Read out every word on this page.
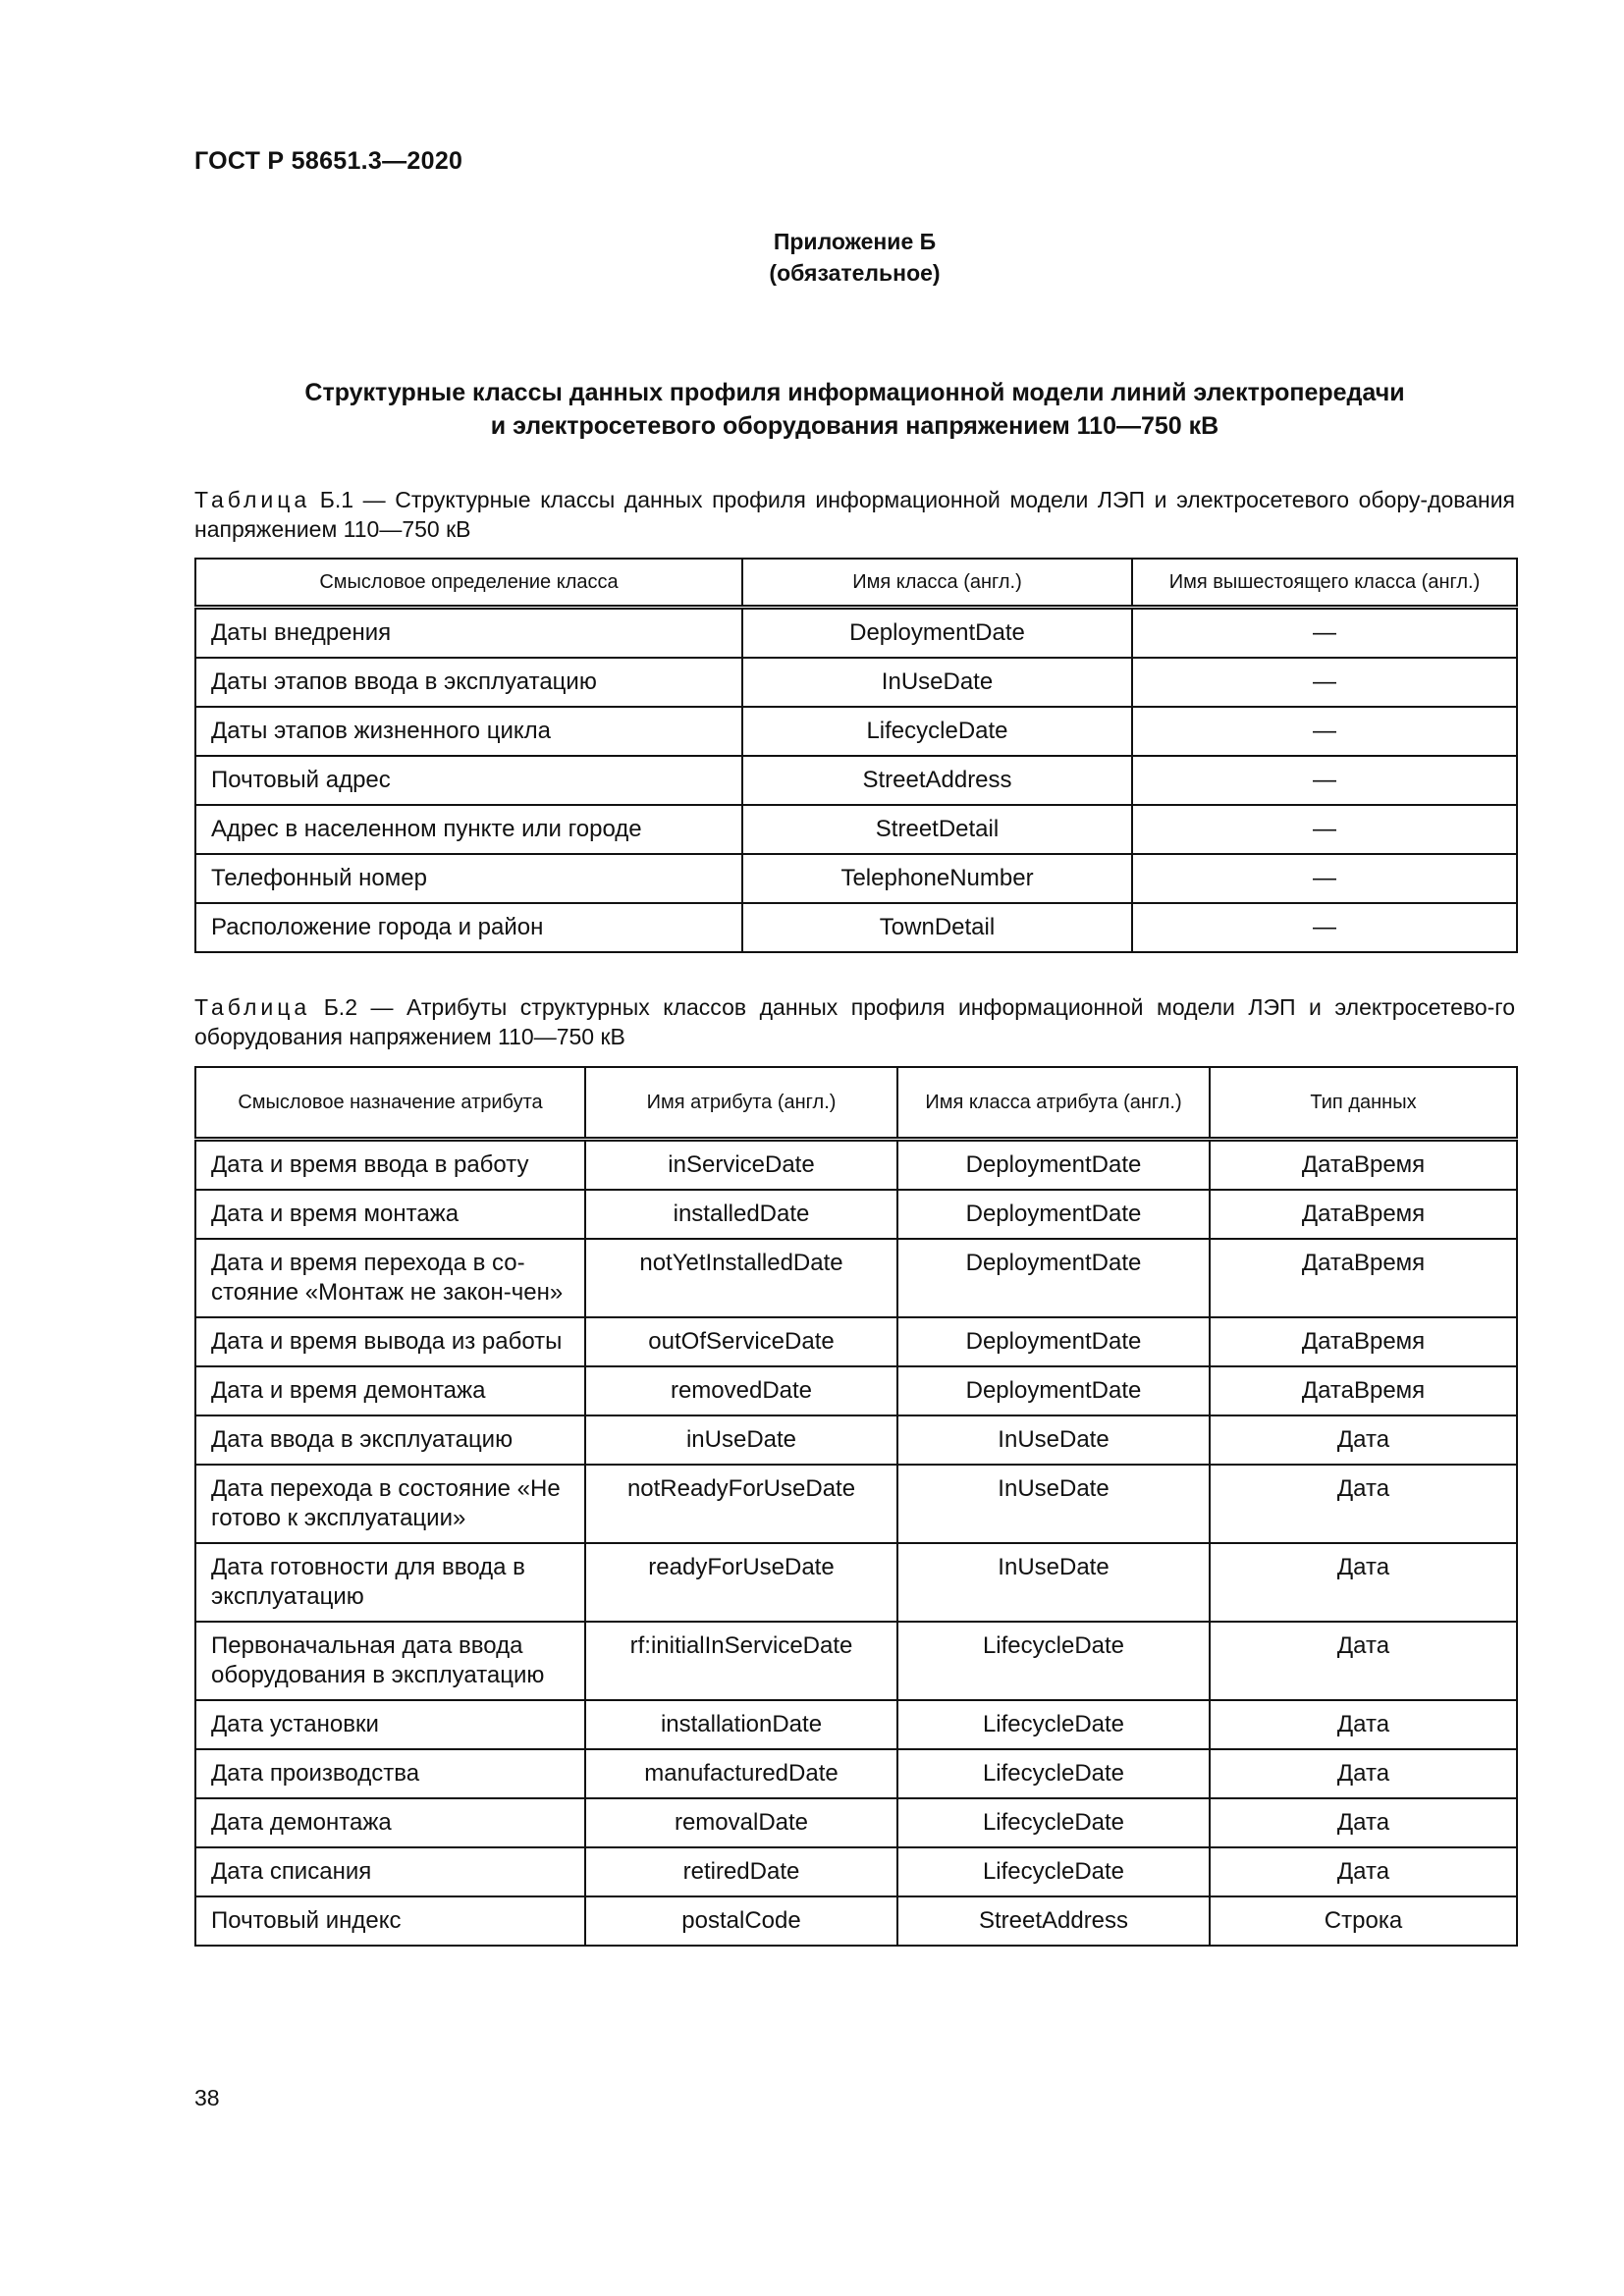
ГОСТ Р 58651.3—2020
Приложение Б
(обязательное)
Структурные классы данных профиля информационной модели линий электропередачи
и электросетевого оборудования напряжением 110—750 кВ
Таблица Б.1 — Структурные классы данных профиля информационной модели ЛЭП и электросетевого обору-дования напряжением 110—750 кВ
Смысловое определение класса	Имя класса (англ.)	Имя вышестоящего класса (англ.)
Даты внедрения	DeploymentDate	—
Даты этапов ввода в эксплуатацию	InUseDate	—
Даты этапов жизненного цикла	LifecycleDate	—
Почтовый адрес	StreetAddress	—
Адрес в населенном пункте или городе	StreetDetail	—
Телефонный номер	TelephoneNumber	—
Расположение города и район	TownDetail	—
Таблица Б.2 — Атрибуты структурных классов данных профиля информационной модели ЛЭП и электросетево-го оборудования напряжением 110—750 кВ
Смысловое назначение атрибута	Имя атрибута (англ.)	Имя класса атрибута (англ.)	Тип данных
Дата и время ввода в работу	inServiceDate	DeploymentDate	ДатаВремя
Дата и время монтажа	installedDate	DeploymentDate	ДатаВремя
Дата и время перехода в со-стояние «Монтаж не закон-чен»	notYetInstalledDate	DeploymentDate	ДатаВремя
Дата и время вывода из работы	outOfServiceDate	DeploymentDate	ДатаВремя
Дата и время демонтажа	removedDate	DeploymentDate	ДатаВремя
Дата ввода в эксплуатацию	inUseDate	InUseDate	Дата
Дата перехода в состояние «Не готово к эксплуатации»	notReadyForUseDate	InUseDate	Дата
Дата готовности для ввода в эксплуатацию	readyForUseDate	InUseDate	Дата
Первоначальная дата ввода оборудования в эксплуатацию	rf:initialInServiceDate	LifecycleDate	Дата
Дата установки	installationDate	LifecycleDate	Дата
Дата производства	manufacturedDate	LifecycleDate	Дата
Дата демонтажа	removalDate	LifecycleDate	Дата
Дата списания	retiredDate	LifecycleDate	Дата
Почтовый индекс	postalCode	StreetAddress	Строка
38
